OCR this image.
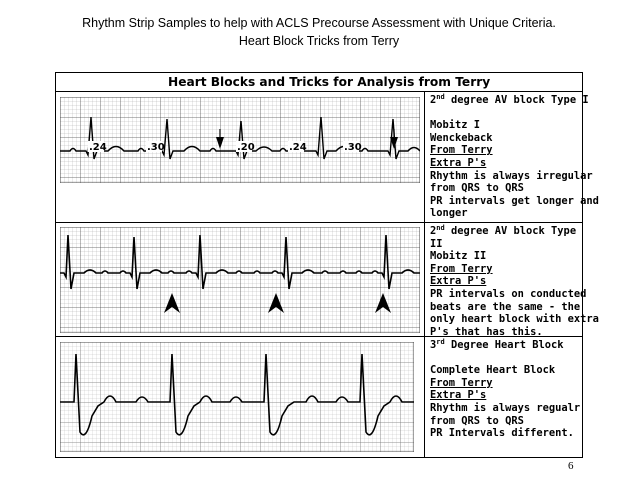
Rhythm Strip Samples to help with ACLS Precourse Assessment with Unique Criteria.
Heart Block Tricks from Terry
Heart Blocks and Tricks for Analysis from Terry
.24	.30	.20	.24	.30
2nd degree AV block Type I
Mobitz I
Wenckeback
From Terry
Extra P's
Rhythm is always irregular
from QRS to QRS
PR intervals get longer and
longer
2nd degree AV block Type
II
Mobitz II
From Terry
Extra P's
PR intervals on conducted
beats are the same - the
only heart block with extra
P's that has this.
3rd Degree Heart Block
Complete Heart Block
From Terry
Extra P's
Rhythm is always regualr
from QRS to QRS
PR Intervals different.
6
